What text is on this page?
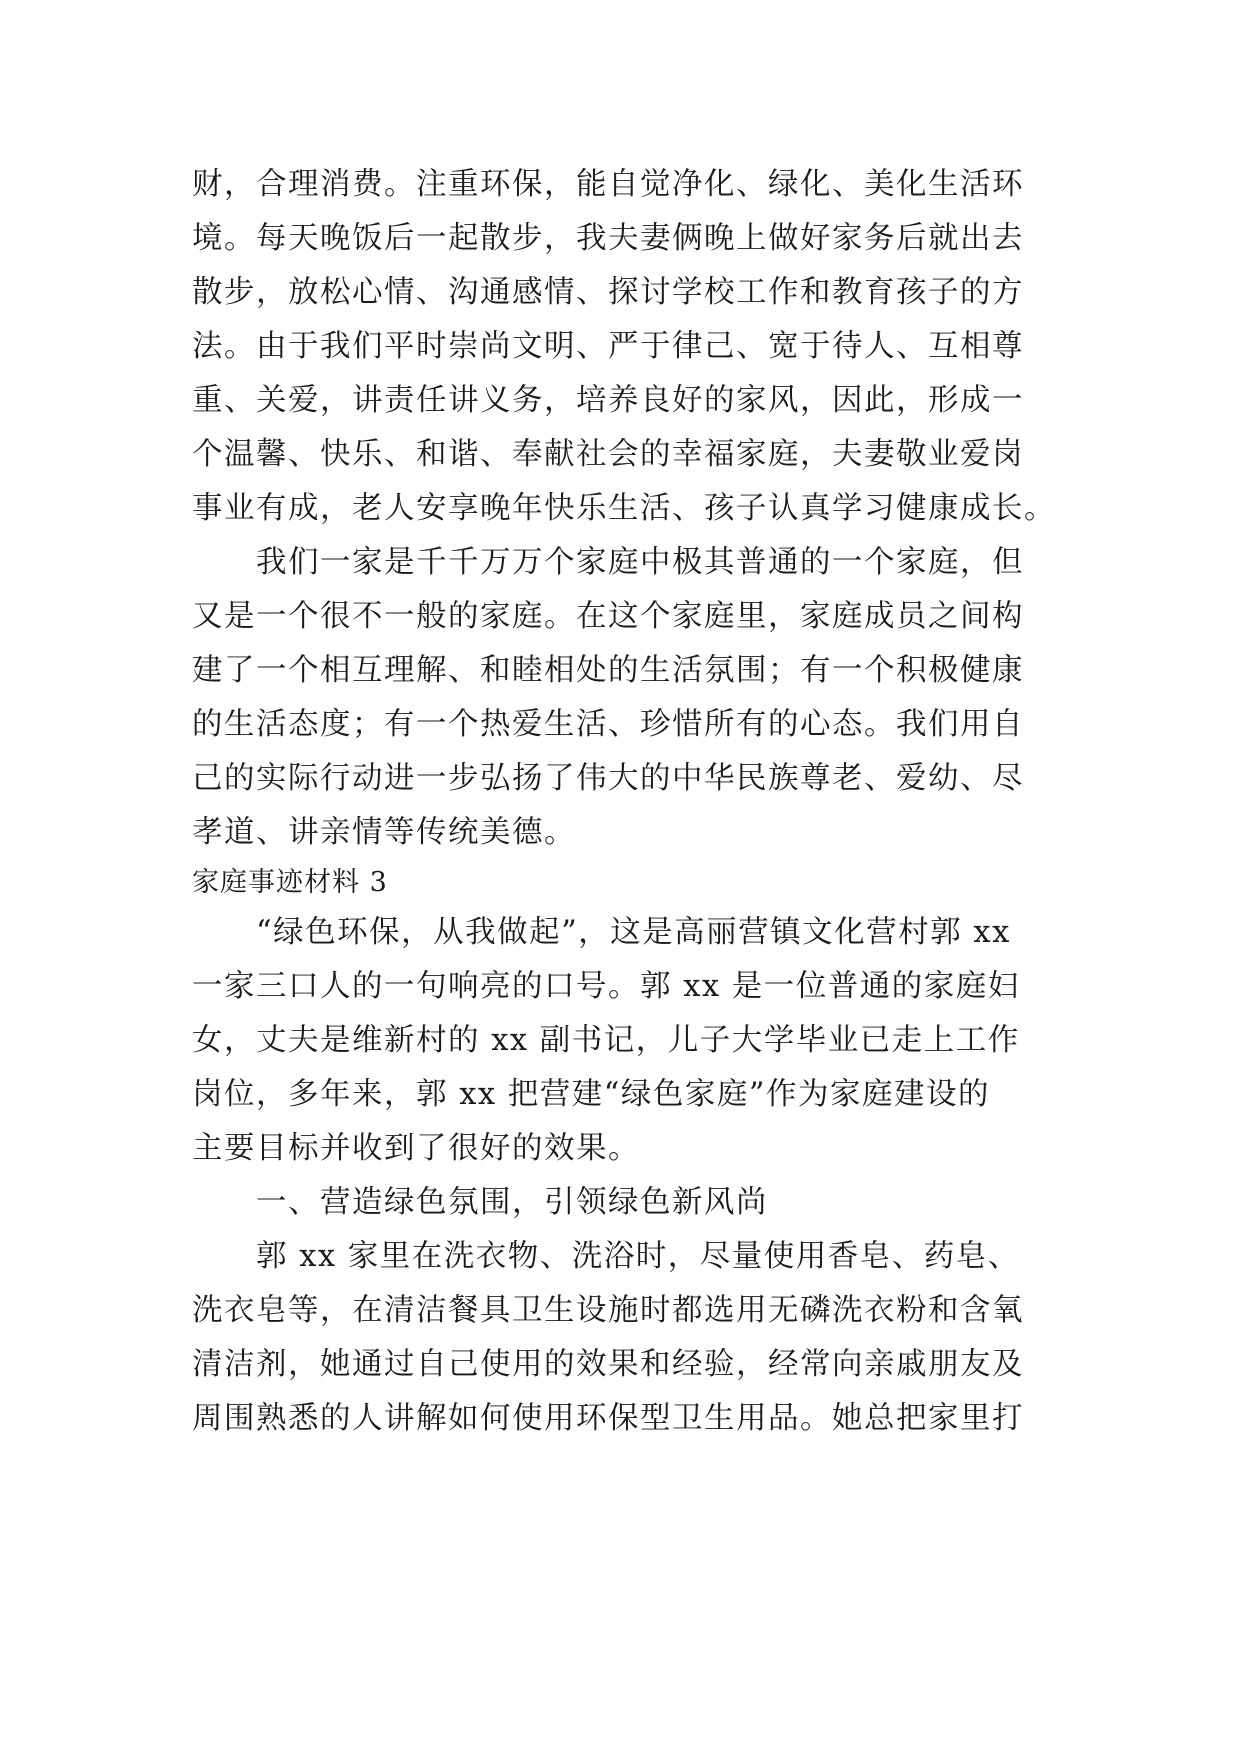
财，合理消费。注重环保，能自觉净化、绿化、美化生活环
境。每天晚饭后一起散步，我夫妻俩晚上做好家务后就出去
散步，放松心情、沟通感情、探讨学校工作和教育孩子的方
法。由于我们平时崇尚文明、严于律己、宽于待人、互相尊
重、关爱，讲责任讲义务，培养良好的家风，因此，形成一
个温馨、快乐、和谐、奉献社会的幸福家庭，夫妻敬业爱岗
事业有成，老人安享晚年快乐生活、孩子认真学习健康成长。
我们一家是千千万万个家庭中极其普通的一个家庭，但
又是一个很不一般的家庭。在这个家庭里，家庭成员之间构
建了一个相互理解、和睦相处的生活氛围；有一个积极健康
的生活态度；有一个热爱生活、珍惜所有的心态。我们用自
己的实际行动进一步弘扬了伟大的中华民族尊老、爱幼、尽
孝道、讲亲情等传统美德。
家庭事迹材料 3
“绿色环保，从我做起”，这是高丽营镇文化营村郭 xx
一家三口人的一句响亮的口号。郭 xx 是一位普通的家庭妇
女，丈夫是维新村的 xx 副书记，儿子大学毕业已走上工作
岗位，多年来，郭 xx 把营建“绿色家庭”作为家庭建设的
主要目标并收到了很好的效果。
一、营造绿色氛围，引领绿色新风尚
郭 xx 家里在洗衣物、洗浴时，尽量使用香皂、药皂、
洗衣皂等，在清洁餐具卫生设施时都选用无磷洗衣粉和含氧
清洁剂，她通过自己使用的效果和经验，经常向亲戚朋友及
周围熟悉的人讲解如何使用环保型卫生用品。她总把家里打
